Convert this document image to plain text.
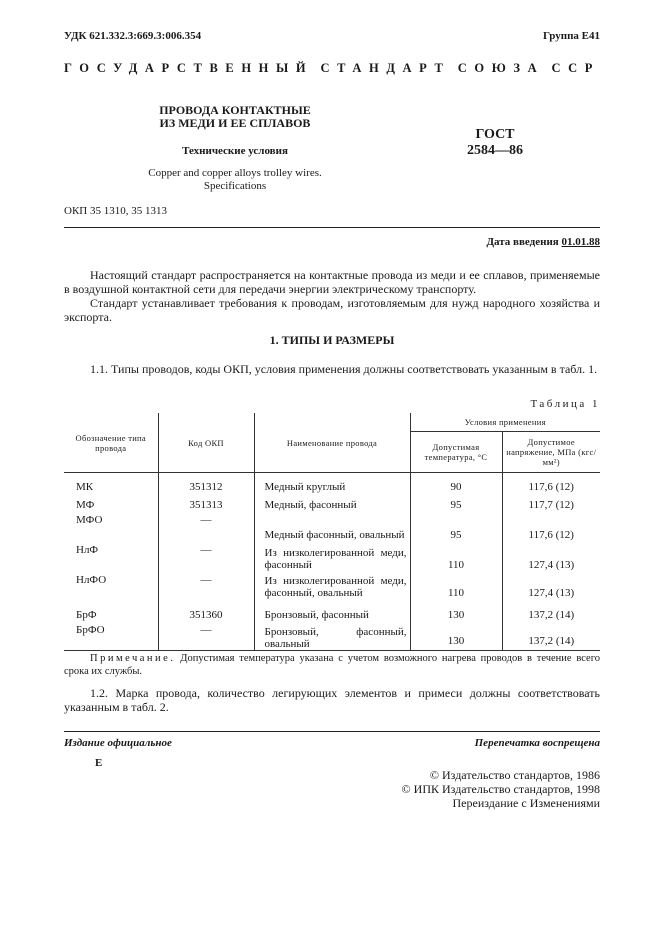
УДК 621.332.3:669.3:006.354	Группа Е41
ГОСУДАРСТВЕННЫЙ СТАНДАРТ СОЮЗА ССР
ПРОВОДА КОНТАКТНЫЕ
ИЗ МЕДИ И ЕЕ СПЛАВОВ
Технические условия
Copper and copper alloys trolley wires.
Specifications
ГОСТ
2584—86
ОКП 35 1310, 35 1313
Дата введения 01.01.88
Настоящий стандарт распространяется на контактные провода из меди и ее сплавов, применяемые в воздушной контактной сети для передачи энергии электрическому транспорту.
Стандарт устанавливает требования к проводам, изготовляемым для нужд народного хозяйства и экспорта.
1. ТИПЫ И РАЗМЕРЫ
1.1. Типы проводов, коды ОКП, условия применения должны соответствовать указанным в табл. 1.
Таблица 1
Обозначение типа провода	Код ОКП	Наименование провода	Условия применения	
			Допустимая температура, °С	Допустимое напряжение, МПа (кгс/мм²)
МК	351312	Медный круглый	90	117,6 (12)
МФ	351313	Медный, фасонный	95	117,7 (12)
МФО	—	Медный фасонный, овальный	95	117,6 (12)
НлФ	—	Из низколегированной меди, фасонный	110	127,4 (13)
НлФО	—	Из низколегированной меди, фасонный, овальный	110	127,4 (13)
БрФ	351360	Бронзовый, фасонный	130	137,2 (14)
БрФО	—	Бронзовый, фасонный, овальный	130	137,2 (14)
Примечание. Допустимая температура указана с учетом возможного нагрева проводов в течение всего срока их службы.
1.2. Марка провода, количество легирующих элементов и примеси должны соответствовать указанным в табл. 2.
Издание официальное	Перепечатка воспрещена
Е
© Издательство стандартов, 1986
© ИПК Издательство стандартов, 1998
Переиздание с Изменениями
